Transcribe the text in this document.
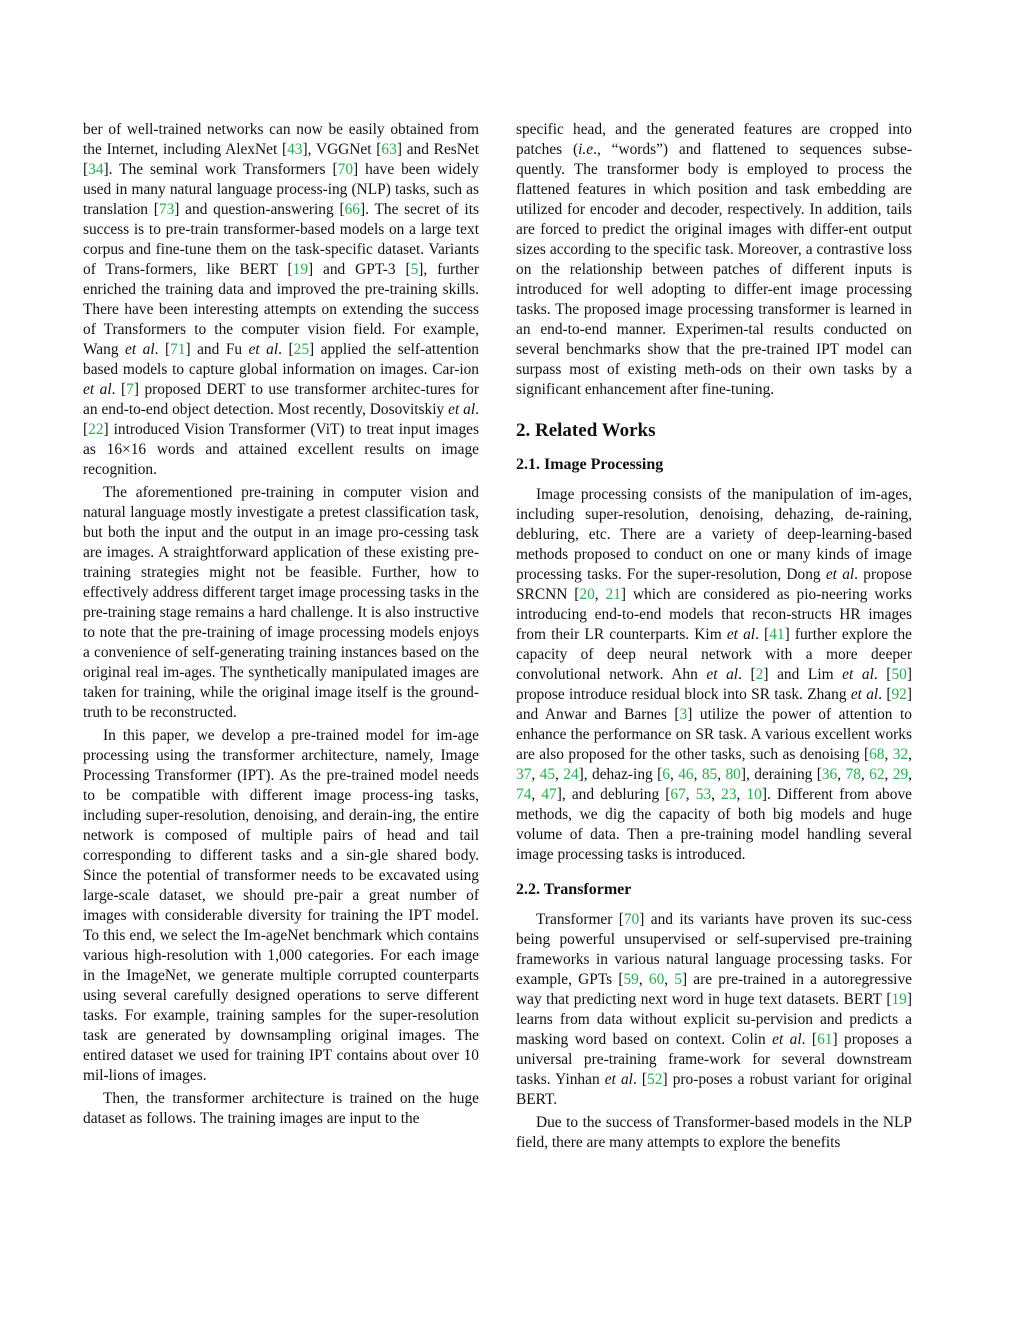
ber of well-trained networks can now be easily obtained from the Internet, including AlexNet [43], VGGNet [63] and ResNet [34]. The seminal work Transformers [70] have been widely used in many natural language process-ing (NLP) tasks, such as translation [73] and question-answering [66]. The secret of its success is to pre-train transformer-based models on a large text corpus and fine-tune them on the task-specific dataset. Variants of Trans-formers, like BERT [19] and GPT-3 [5], further enriched the training data and improved the pre-training skills. There have been interesting attempts on extending the success of Transformers to the computer vision field. For example, Wang et al. [71] and Fu et al. [25] applied the self-attention based models to capture global information on images. Car-ion et al. [7] proposed DERT to use transformer architec-tures for an end-to-end object detection. Most recently, Dosovitskiy et al. [22] introduced Vision Transformer (ViT) to treat input images as 16×16 words and attained excellent results on image recognition.

The aforementioned pre-training in computer vision and natural language mostly investigate a pretest classification task, but both the input and the output in an image pro-cessing task are images. A straightforward application of these existing pre-training strategies might not be feasible. Further, how to effectively address different target image processing tasks in the pre-training stage remains a hard challenge. It is also instructive to note that the pre-training of image processing models enjoys a convenience of self-generating training instances based on the original real im-ages. The synthetically manipulated images are taken for training, while the original image itself is the ground-truth to be reconstructed.

In this paper, we develop a pre-trained model for im-age processing using the transformer architecture, namely, Image Processing Transformer (IPT). As the pre-trained model needs to be compatible with different image process-ing tasks, including super-resolution, denoising, and derain-ing, the entire network is composed of multiple pairs of head and tail corresponding to different tasks and a sin-gle shared body. Since the potential of transformer needs to be excavated using large-scale dataset, we should pre-pair a great number of images with considerable diversity for training the IPT model. To this end, we select the Im-ageNet benchmark which contains various high-resolution with 1,000 categories. For each image in the ImageNet, we generate multiple corrupted counterparts using several carefully designed operations to serve different tasks. For example, training samples for the super-resolution task are generated by downsampling original images. The entired dataset we used for training IPT contains about over 10 mil-lions of images.

Then, the transformer architecture is trained on the huge dataset as follows. The training images are input to the

specific head, and the generated features are cropped into patches (i.e., “words”) and flattened to sequences subse-quently. The transformer body is employed to process the flattened features in which position and task embedding are utilized for encoder and decoder, respectively. In addition, tails are forced to predict the original images with differ-ent output sizes according to the specific task. Moreover, a contrastive loss on the relationship between patches of different inputs is introduced for well adopting to differ-ent image processing tasks. The proposed image processing transformer is learned in an end-to-end manner. Experimen-tal results conducted on several benchmarks show that the pre-trained IPT model can surpass most of existing meth-ods on their own tasks by a significant enhancement after fine-tuning.

2. Related Works
2.1. Image Processing

Image processing consists of the manipulation of im-ages, including super-resolution, denoising, dehazing, de-raining, debluring, etc. There are a variety of deep-learning-based methods proposed to conduct on one or many kinds of image processing tasks. For the super-resolution, Dong et al. propose SRCNN [20, 21] which are considered as pio-neering works introducing end-to-end models that recon-structs HR images from their LR counterparts. Kim et al. [41] further explore the capacity of deep neural network with a more deeper convolutional network. Ahn et al. [2] and Lim et al. [50] propose introduce residual block into SR task. Zhang et al. [92] and Anwar and Barnes [3] utilize the power of attention to enhance the performance on SR task. A various excellent works are also proposed for the other tasks, such as denoising [68, 32, 37, 45, 24], dehaz-ing [6, 46, 85, 80], deraining [36, 78, 62, 29, 74, 47], and debluring [67, 53, 23, 10]. Different from above methods, we dig the capacity of both big models and huge volume of data. Then a pre-training model handling several image processing tasks is introduced.

2.2. Transformer

Transformer [70] and its variants have proven its suc-cess being powerful unsupervised or self-supervised pre-training frameworks in various natural language processing tasks. For example, GPTs [59, 60, 5] are pre-trained in a autoregressive way that predicting next word in huge text datasets. BERT [19] learns from data without explicit su-pervision and predicts a masking word based on context. Colin et al. [61] proposes a universal pre-training frame-work for several downstream tasks. Yinhan et al. [52] pro-poses a robust variant for original BERT.

Due to the success of Transformer-based models in the NLP field, there are many attempts to explore the benefits
